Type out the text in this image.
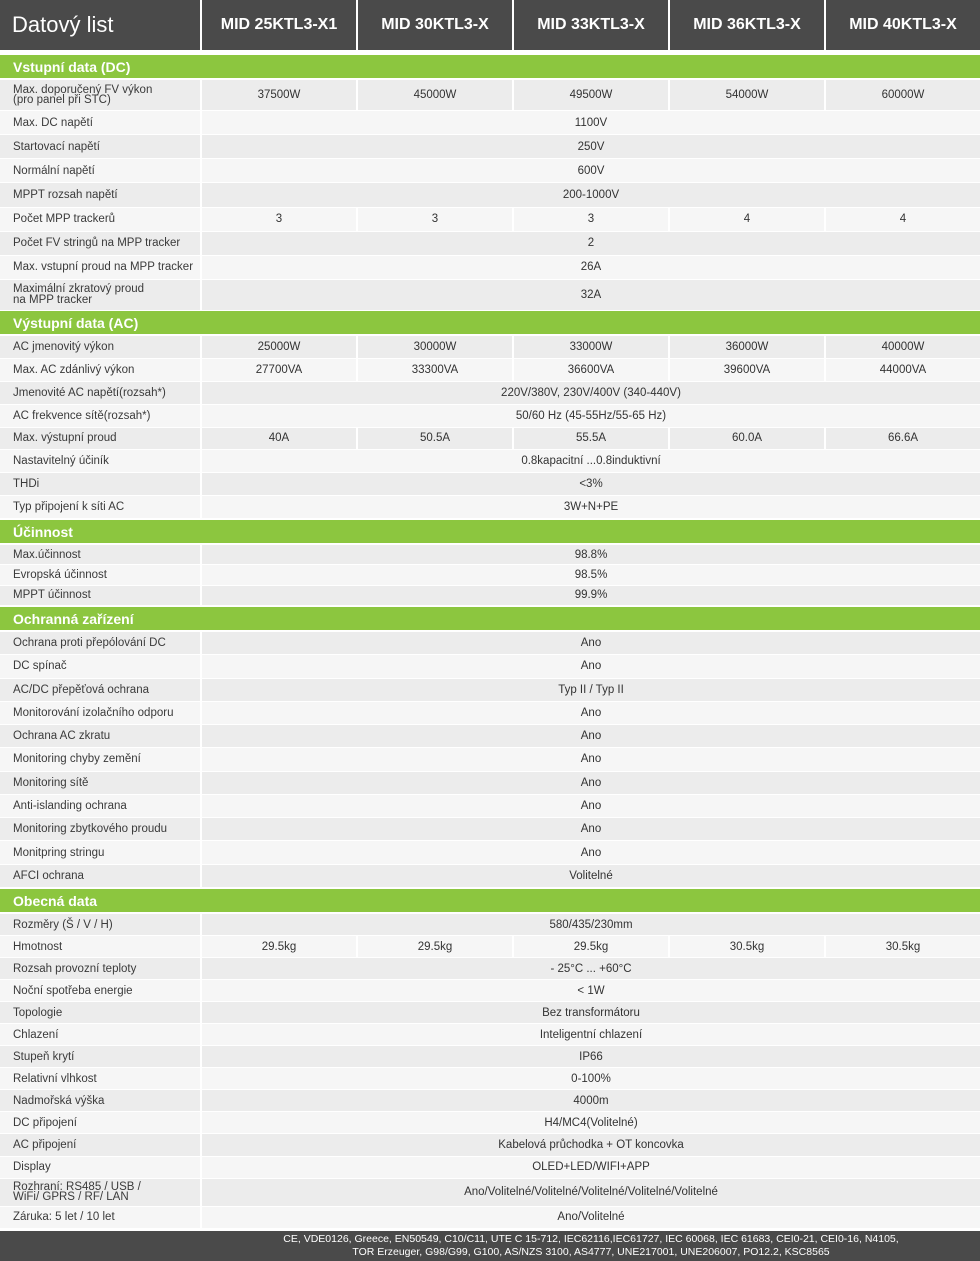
Datový list	MID 25KTL3-X1	MID 30KTL3-X	MID 33KTL3-X	MID 36KTL3-X	MID 40KTL3-X
Vstupní data (DC)
Max. doporučený FV výkon
(pro panel při STC)	37500W	45000W	49500W	54000W	60000W
Max. DC napětí	1100V
Startovací napětí	250V
Normální napětí	600V
MPPT rozsah napětí	200-1000V
Počet MPP trackerů	3	3	3	4	4
Počet FV stringů na MPP tracker	2
Max. vstupní proud na MPP tracker	26A
Maximální zkratový proud
na MPP tracker	32A
Výstupní data (AC)
AC jmenovitý výkon	25000W	30000W	33000W	36000W	40000W
Max. AC zdánlivý výkon	27700VA	33300VA	36600VA	39600VA	44000VA
Jmenovité AC napětí(rozsah*)	220V/380V, 230V/400V (340-440V)
AC frekvence sítě(rozsah*)	50/60 Hz (45-55Hz/55-65 Hz)
Max. výstupní proud	40A	50.5A	55.5A	60.0A	66.6A
Nastavitelný účiník	0.8kapacitní ...0.8induktivní
THDi	<3%
Typ připojení k síti AC	3W+N+PE
Účinnost
Max.účinnost	98.8%
Evropská účinnost	98.5%
MPPT účinnost	99.9%
Ochranná zařízení
Ochrana proti přepólování DC	Ano
DC spínač	Ano
AC/DC přepěťová ochrana	Typ II / Typ II
Monitorování izolačního odporu	Ano
Ochrana AC zkratu	Ano
Monitoring chyby zemění	Ano
Monitoring sítě	Ano
Anti-islanding ochrana	Ano
Monitoring zbytkového proudu	Ano
Monitpring stringu	Ano
AFCI ochrana	Volitelné
Obecná data
Rozměry (Š / V / H)	580/435/230mm
Hmotnost	29.5kg	29.5kg	29.5kg	30.5kg	30.5kg
Rozsah provozní teploty	- 25°C ... +60°C
Noční spotřeba energie	< 1W
Topologie	Bez transformátoru
Chlazení	Inteligentní chlazení
Stupeň krytí	IP66
Relativní vlhkost	0-100%
Nadmořská výška	4000m
DC připojení	H4/MC4(Volitelné)
AC připojení	Kabelová průchodka + OT koncovka
Display	OLED+LED/WIFI+APP
Rozhraní: RS485 / USB /
WiFi/ GPRS / RF/ LAN	Ano/Volitelné/Volitelné/Volitelné/Volitelné/Volitelné
Záruka: 5 let / 10 let	Ano/Volitelné
CE, VDE0126, Greece, EN50549, C10/C11, UTE C 15-712, IEC62116,IEC61727, IEC 60068, IEC 61683, CEI0-21, CEI0-16, N4105,
TOR Erzeuger, G98/G99, G100, AS/NZS 3100, AS4777, UNE217001, UNE206007, PO12.2, KSC8565
